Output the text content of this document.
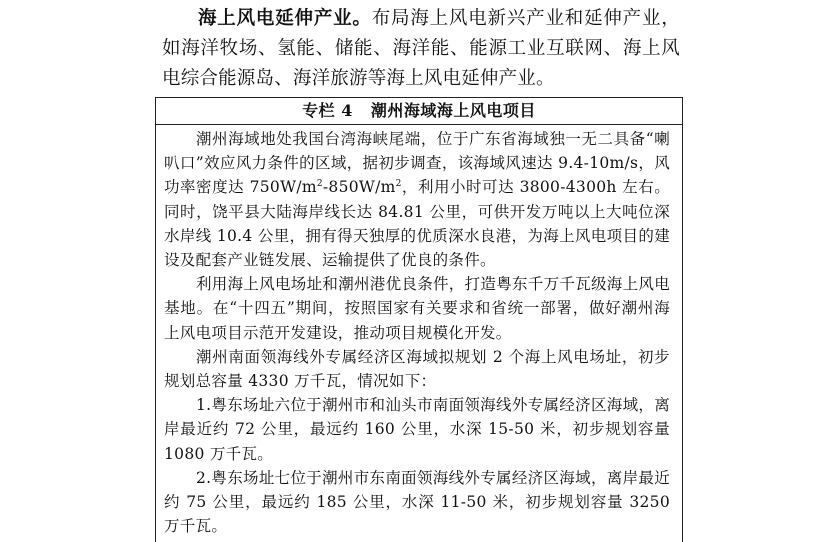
海上风电延伸产业。布局海上风电新兴产业和延伸产业，如海洋牧场、氢能、储能、海洋能、能源工业互联网、海上风电综合能源岛、海洋旅游等海上风电延伸产业。

专栏 4 潮州海域海上风电项目

潮州海域地处我国台湾海峡尾端，位于广东省海域独一无二具备“喇叭口”效应风力条件的区域，据初步调查，该海域风速达 9.4-10m/s，风功率密度达 $750W/m^2-850W/m^2$，利用小时可达 3800-4300h 左右。同时，饶平县大陆海岸线长达 84.81 公里，可供开发万吨以上大吨位深水岸线 10.4 公里，拥有得天独厚的优质深水良港，为海上风电项目的建设及配套产业链发展、运输提供了优良的条件。

利用海上风电场址和潮州港优良条件，打造粤东千万千瓦级海上风电基地。在“十四五”期间，按照国家有关要求和省统一部署，做好潮州海上风电项目示范开发建设，推动项目规模化开发。

潮州南面领海线外专属经济区海域拟规划 2 个海上风电场址，初步规划总容量 4330 万千瓦，情况如下：

1.粤东场址六位于潮州市和汕头市南面领海线外专属经济区海域，离岸最近约 72 公里，最远约 160 公里，水深 15-50 米，初步规划容量 1080 万千瓦。

2.粤东场址七位于潮州市东南面领海线外专属经济区海域，离岸最近约 75 公里，最远约 185 公里，水深 11-50 米，初步规划容量 3250 万千瓦。
